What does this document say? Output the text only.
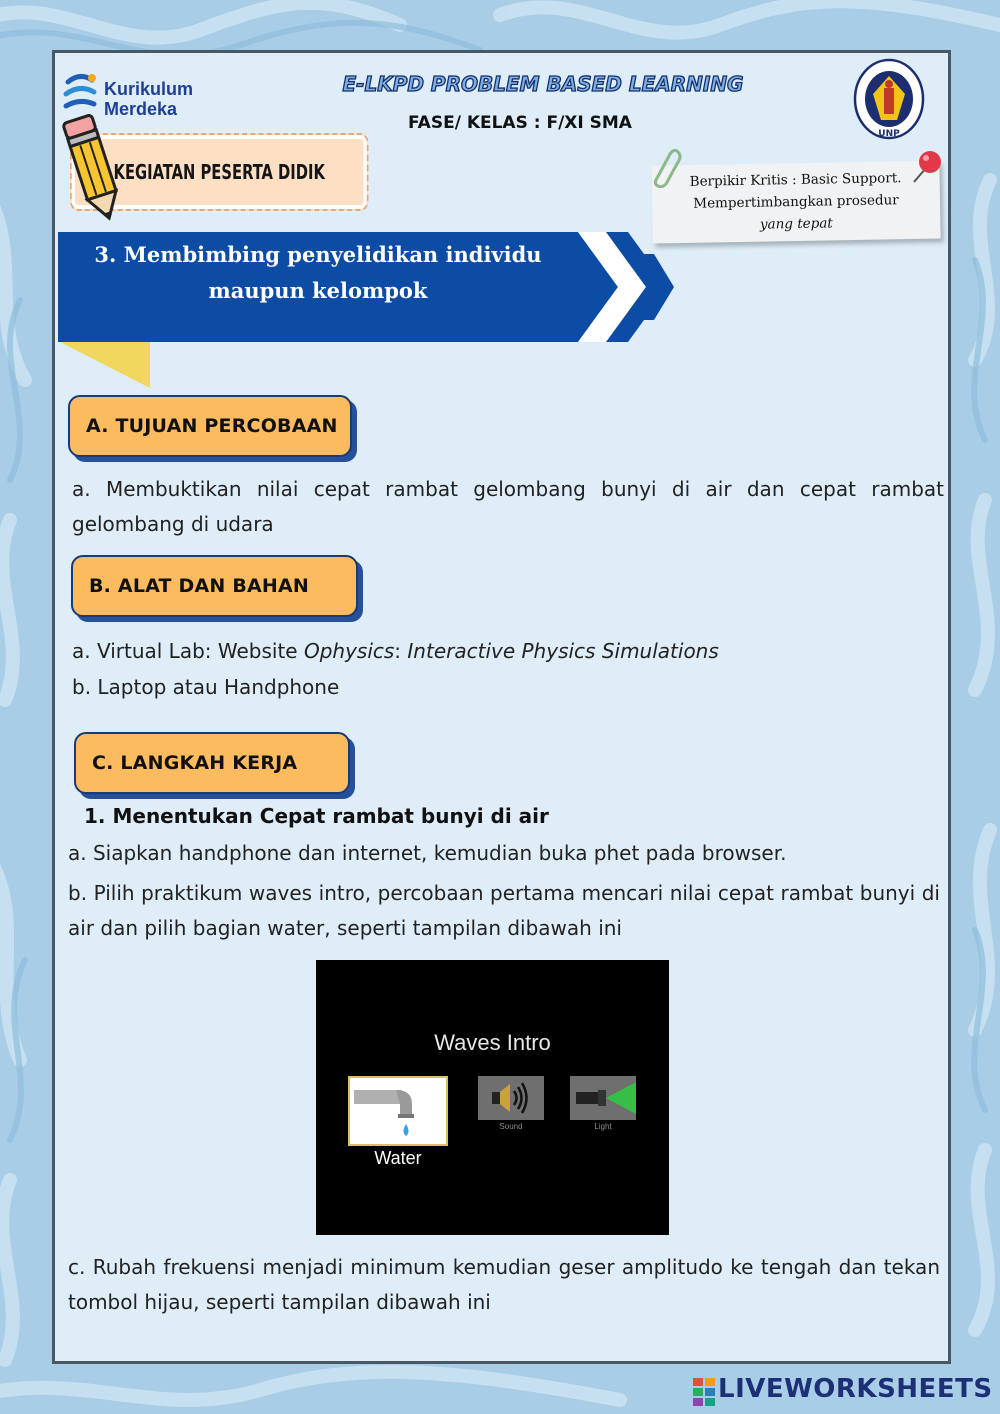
Kurikulum
Merdeka
E-LKPD PROBLEM BASED LEARNING
FASE/ KELAS : F/XI SMA
UNP
KEGIATAN PESERTA DIDIK	Berpikir Kritis : Basic Support.
Mempertimbangkan prosedur
yang tepat
3. Membimbing penyelidikan individu
maupun kelompok
A. TUJUAN PERCOBAAN
a. Membuktikan nilai cepat rambat gelombang bunyi di air dan cepat rambat gelombang di udara
B. ALAT DAN BAHAN
a. Virtual Lab: Website Ophysics: Interactive Physics Simulations
b. Laptop atau Handphone
C. LANGKAH KERJA
1. Menentukan Cepat rambat bunyi di air
a. Siapkan handphone dan internet, kemudian buka phet pada browser.
b. Pilih praktikum waves intro, percobaan pertama mencari nilai cepat rambat bunyi di air dan pilih bagian water, seperti tampilan dibawah ini
Waves Intro
Water
Sound	Light
c. Rubah frekuensi menjadi minimum kemudian geser amplitudo ke tengah dan tekan tombol hijau, seperti tampilan dibawah ini
LIVEWORKSHEETS
